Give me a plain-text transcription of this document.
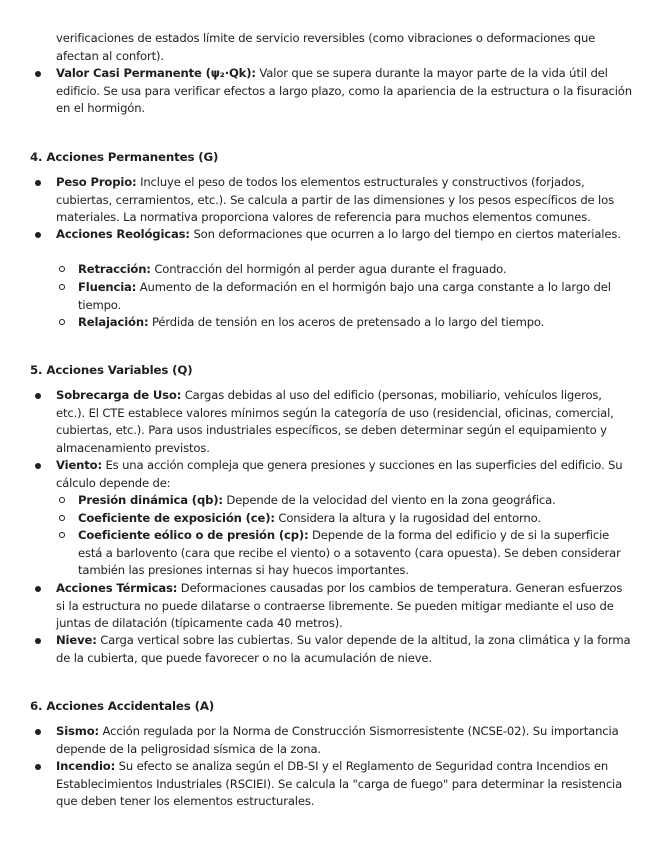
verificaciones de estados límite de servicio reversibles (como vibraciones o deformaciones que afectan al confort).
Valor Casi Permanente (ψ₂·Qk): Valor que se supera durante la mayor parte de la vida útil del edificio. Se usa para verificar efectos a largo plazo, como la apariencia de la estructura o la fisuración en el hormigón.
4. Acciones Permanentes (G)
Peso Propio: Incluye el peso de todos los elementos estructurales y constructivos (forjados, cubiertas, cerramientos, etc.). Se calcula a partir de las dimensiones y los pesos específicos de los materiales. La normativa proporciona valores de referencia para muchos elementos comunes.
Acciones Reológicas: Son deformaciones que ocurren a lo largo del tiempo en ciertos materiales.
Retracción: Contracción del hormigón al perder agua durante el fraguado.
Fluencia: Aumento de la deformación en el hormigón bajo una carga constante a lo largo del tiempo.
Relajación: Pérdida de tensión en los aceros de pretensado a lo largo del tiempo.
5. Acciones Variables (Q)
Sobrecarga de Uso: Cargas debidas al uso del edificio (personas, mobiliario, vehículos ligeros, etc.). El CTE establece valores mínimos según la categoría de uso (residencial, oficinas, comercial, cubiertas, etc.). Para usos industriales específicos, se deben determinar según el equipamiento y almacenamiento previstos.
Viento: Es una acción compleja que genera presiones y succiones en las superficies del edificio. Su cálculo depende de:
Presión dinámica (qb): Depende de la velocidad del viento en la zona geográfica.
Coeficiente de exposición (ce): Considera la altura y la rugosidad del entorno.
Coeficiente eólico o de presión (cp): Depende de la forma del edificio y de si la superficie está a barlovento (cara que recibe el viento) o a sotavento (cara opuesta). Se deben considerar también las presiones internas si hay huecos importantes.
Acciones Térmicas: Deformaciones causadas por los cambios de temperatura. Generan esfuerzos si la estructura no puede dilatarse o contraerse libremente. Se pueden mitigar mediante el uso de juntas de dilatación (típicamente cada 40 metros).
Nieve: Carga vertical sobre las cubiertas. Su valor depende de la altitud, la zona climática y la forma de la cubierta, que puede favorecer o no la acumulación de nieve.
6. Acciones Accidentales (A)
Sismo: Acción regulada por la Norma de Construcción Sismorresistente (NCSE-02). Su importancia depende de la peligrosidad sísmica de la zona.
Incendio: Su efecto se analiza según el DB-SI y el Reglamento de Seguridad contra Incendios en Establecimientos Industriales (RSCIEI). Se calcula la "carga de fuego" para determinar la resistencia que deben tener los elementos estructurales.
